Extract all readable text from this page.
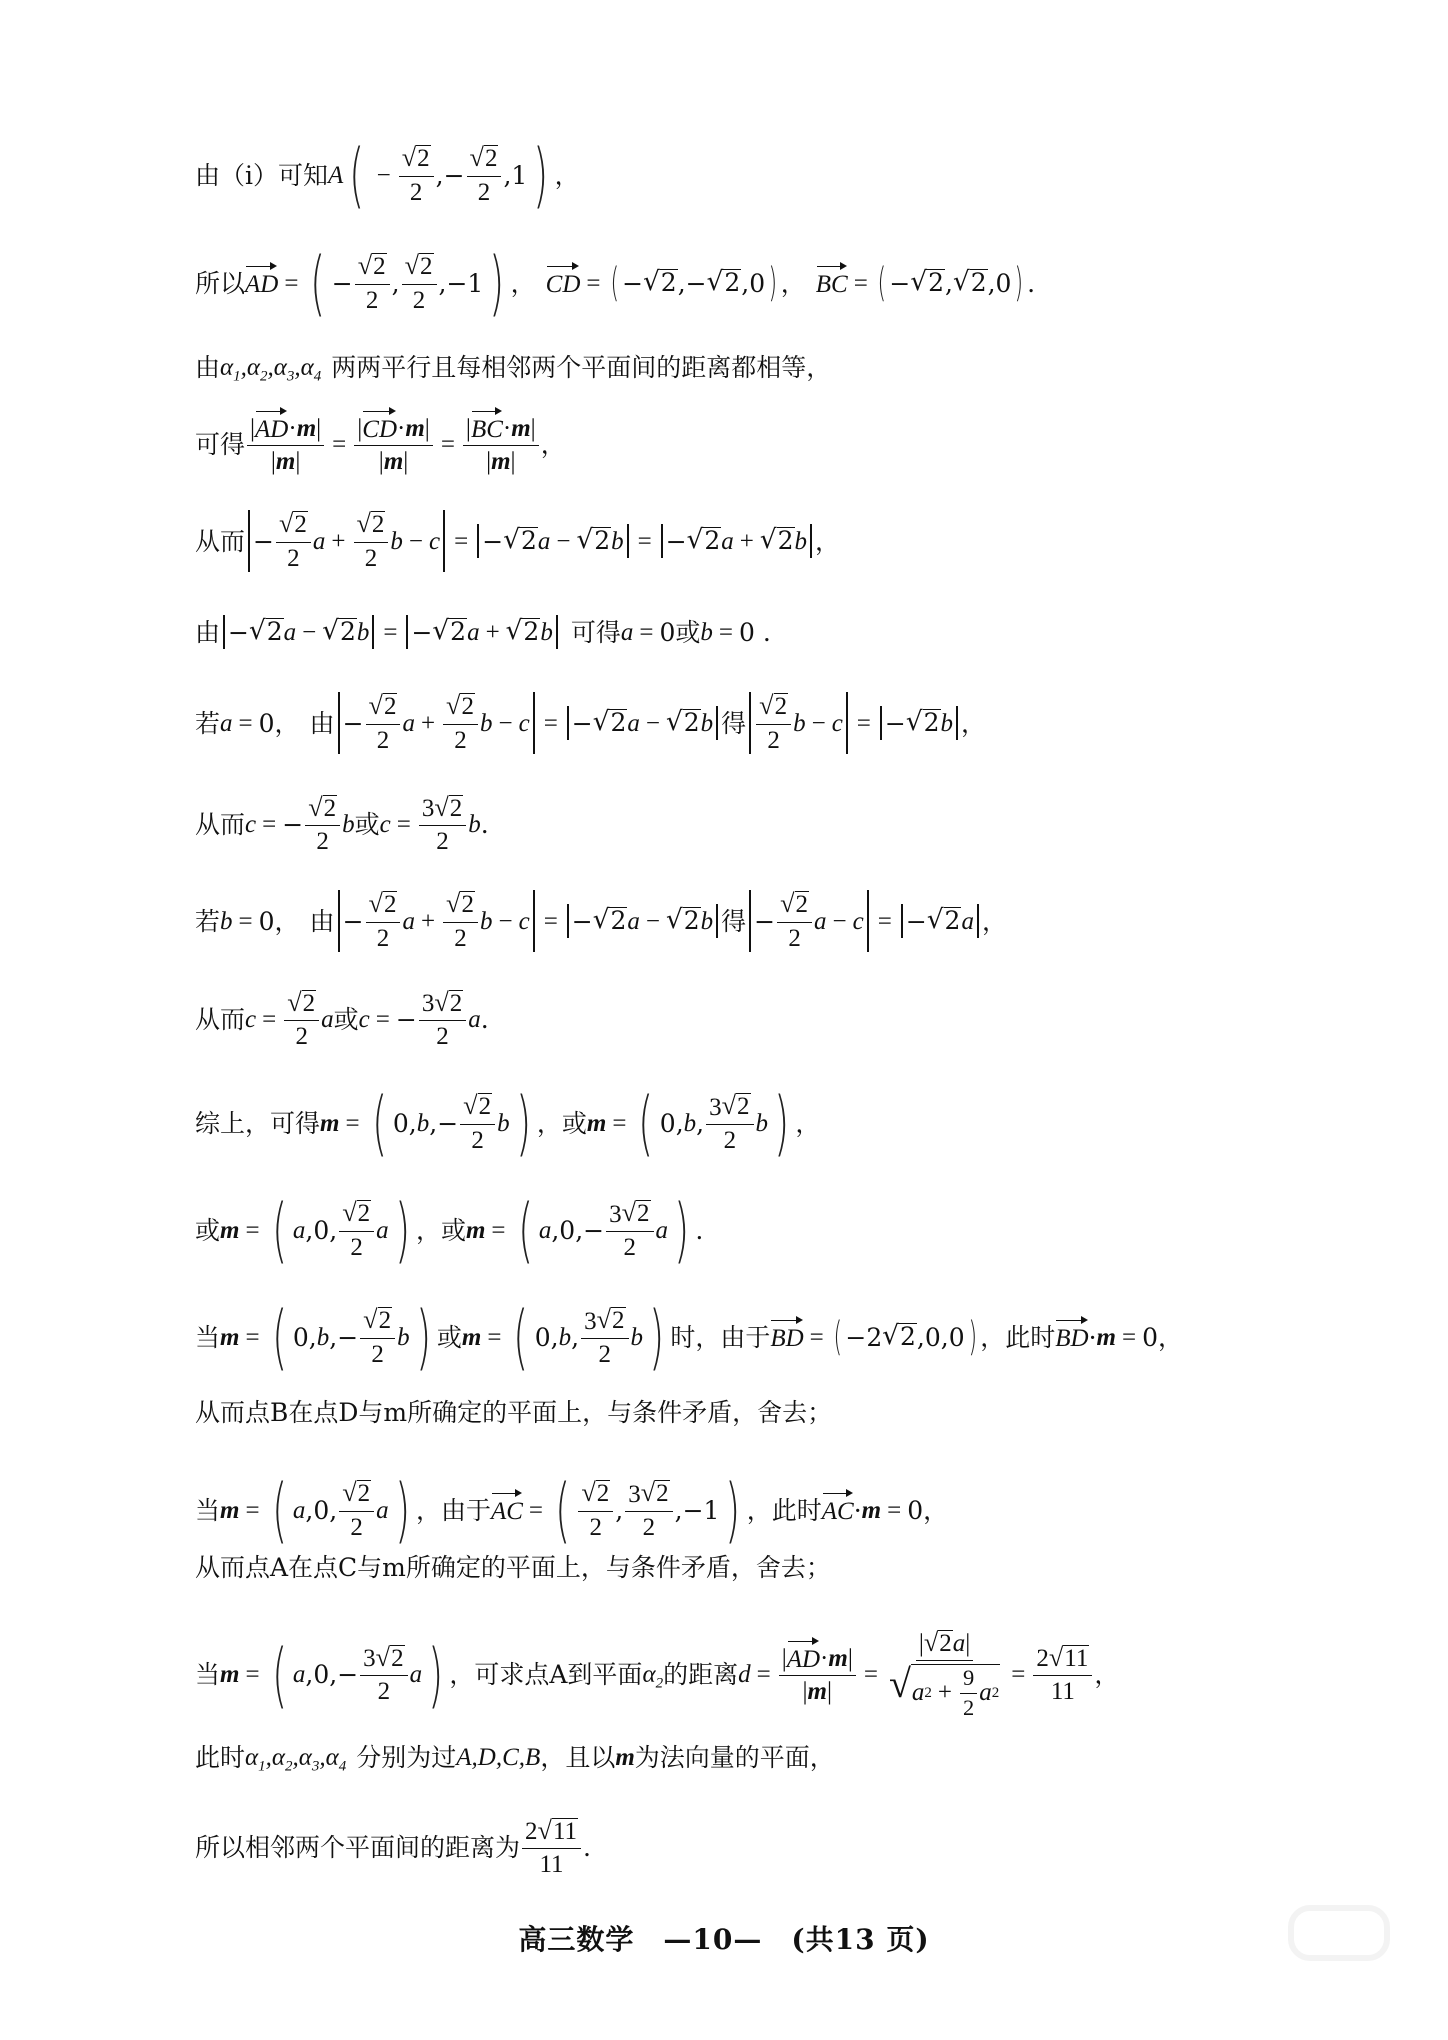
由（i）可知 A ( − $\frac{√ 2}{2}$ ,− $\frac{√ 2}{2} ,1$ ) ，
所以 AD = ( − $\frac{√ 2}{2}$ , $\frac{√ 2}{2} ,-1$ ) ， CD = ( − √ 2 ,− √ 2 ,0 ) ， BC = ( − √ 2 , √ 2 ,0 ) .
由 $\alpha_1,\alpha_2,\alpha_3,\alpha_4$ 两两平行且每相邻两个平面间的距离都相等，
可得 $\frac{| AD \cdot m |}{| m |} = \frac{| CD \cdot m |}{| m |} = \frac{| BC \cdot m |}{| m |}$ ，
从而 − $\frac{√ 2}{2}$ $a + \frac{√ 2}{2}$ b − c = − √ 2 a − √ 2 b = − √ 2 a + √ 2 b ，
由 − √ 2 a − √ 2 b = − √ 2 a + √ 2 b 可得 a = 0 或 b = 0 .
若 a = 0 ， 由 − $\frac{√ 2}{2}$ $a + \frac{√ 2}{2}$ b − c = − √ 2 a − √ 2 b 得 $\frac{√ 2}{2}$ b − c = − √ 2 b ，
从而 c = − $\frac{√ 2}{2}$ b 或 $c = \frac{3 √ 2}{2}$ b .
若 b = 0 ， 由 − $\frac{√ 2}{2}$ $a + \frac{√ 2}{2}$ b − c = − √ 2 a − √ 2 b 得 − $\frac{√ 2}{2}$ a − c = − √ 2 a ，
从而 $c = \frac{√ 2}{2}$ a 或 c = − $\frac{3 √ 2}{2}$ a .
综上，可得 m = ( 0, b ,− $\frac{√ 2}{2}$ b ) ， 或 m = ( 0, b , $\frac{3 √ 2}{2}$ b ) ，
或 m = ( a ,0, $\frac{√ 2}{2}$ a ) ， 或 m = ( a $,0,- \frac{3 √ 2}{2}$ a ) .
当 m = ( 0, b ,− $\frac{√ 2}{2}$ b ) 或 m = ( 0, b , $\frac{3 √ 2}{2}$ b ) 时，由于 BD = ( −2 √ 2 ,0,0 ) ，此时 BD · m = 0 ，
从而点B在点D与m所确定的平面上，与条件矛盾，舍去；
当 m = ( a ,0, $\frac{√ 2}{2}$ a ) ，由于 AC = ( $\frac{√ 2}{2}$ , $\frac{3 √ 2}{2} ,-1$ ) ，此时 AC · m = 0 ，
从而点A在点C与m所确定的平面上，与条件矛盾，舍去；
当 m = ( a $,0,- \frac{3 √ 2}{2}$ a ) ，可求点A到平面 $\alpha_2$ 的距离 $d = \frac{| AD \cdot m |}{| m |} = \frac{| √ 2 a |}{√ a 2 + \frac{9}{2} a 2} = \frac{2 √ 11}{11}$ ，
此时 $\alpha_1,\alpha_2,\alpha_3,\alpha_4$ 分别为过 A,D,C,B ，且以 m 为法向量的平面，
所以相邻两个平面间的距离为 $\frac{2 √ 11}{11}$ .
高三数学　—10—　(共13 页)
